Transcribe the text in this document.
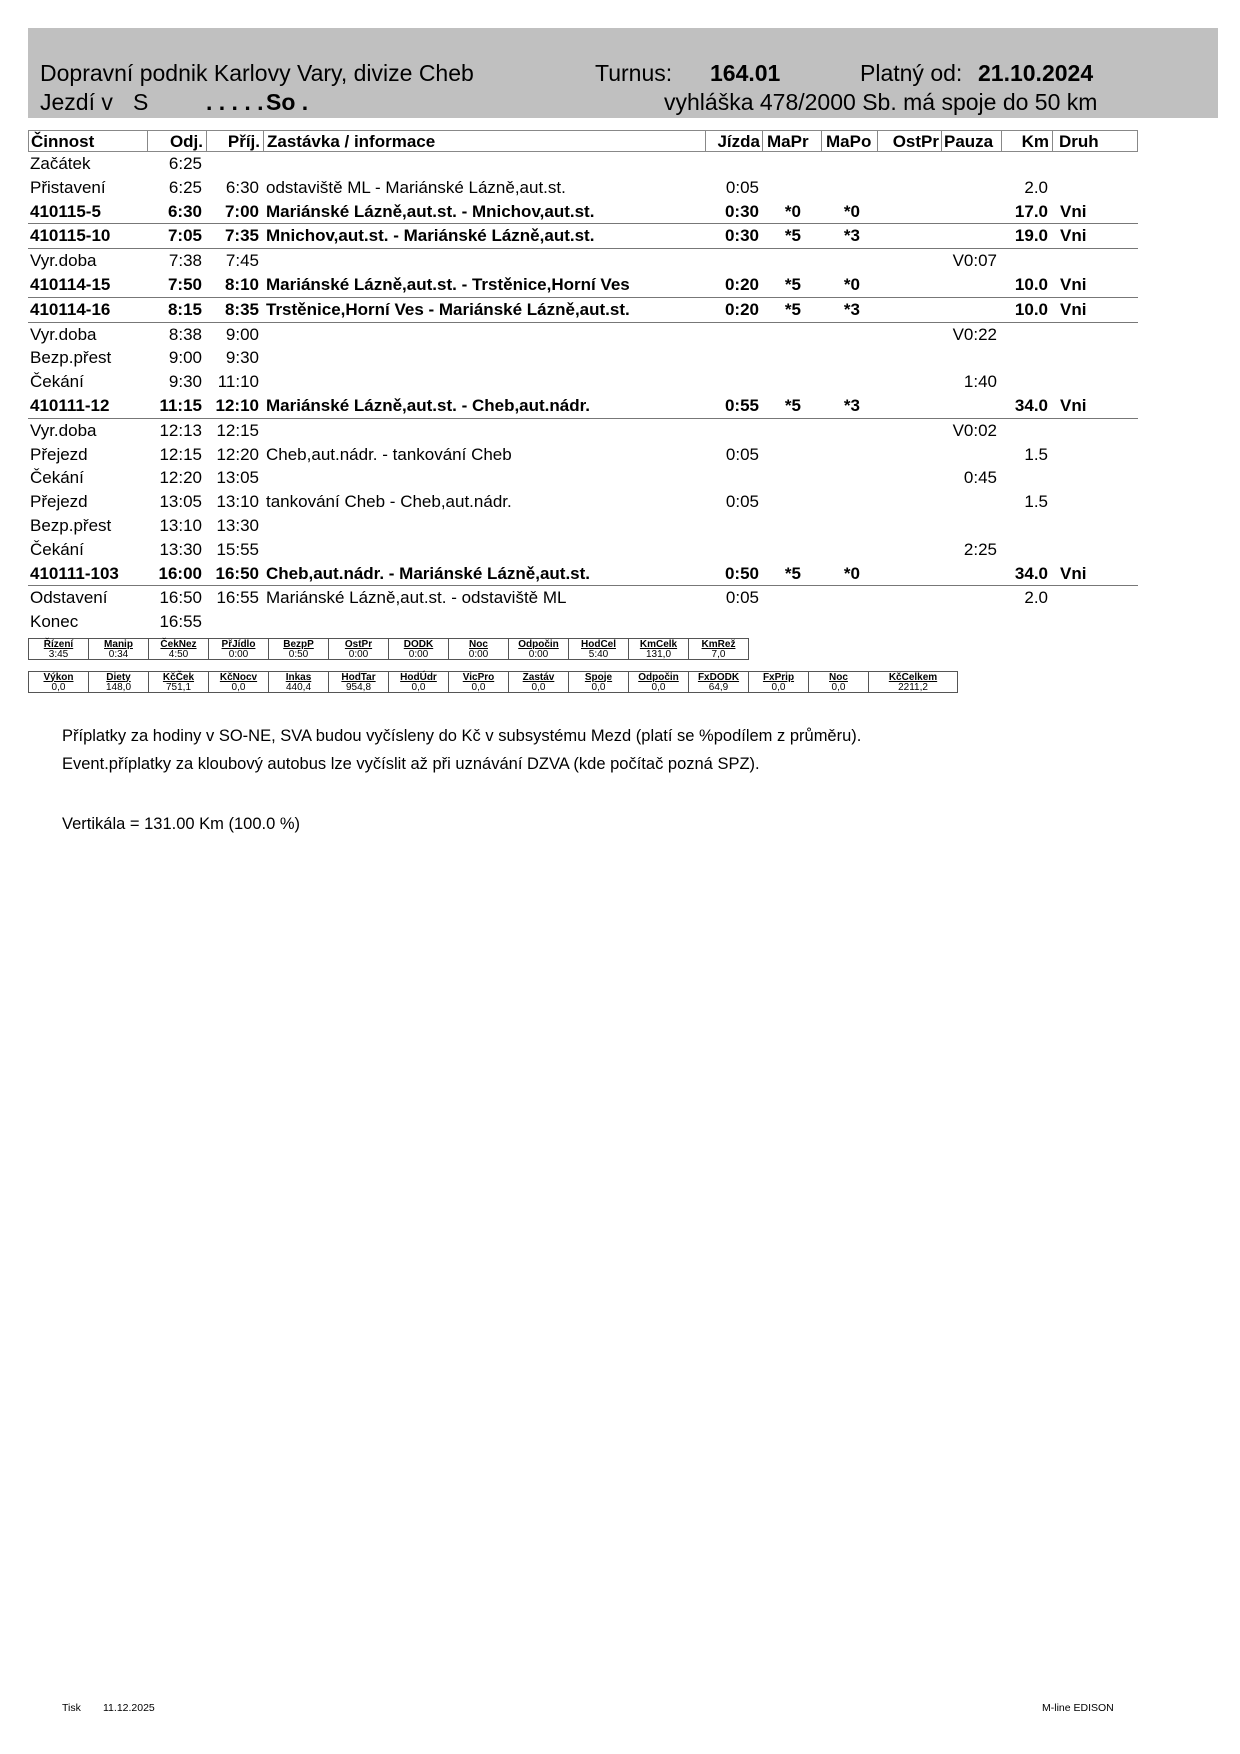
Dopravní podnik Karlovy Vary, divize Cheb	Turnus: 164.01	Platný od: 21.10.2024
Jezdí v S	. . . . . So .	vyhláška 478/2000 Sb. má spoje do 50 km
Činnost	Odj.	Příj. Zastávka / informace	Jízda MaPr MaPo	OstPr Pauza	Km Druh
Začátek	6:25
Přistavení	6:25	6:30 odstaviště ML - Mariánské Lázně,aut.st.	0:05	2.0
410115-5	6:30	7:00 Mariánské Lázně,aut.st. - Mnichov,aut.st.	0:30	*0	*0	17.0 Vni
410115-10	7:05	7:35 Mnichov,aut.st. - Mariánské Lázně,aut.st.	0:30	*5	*3	19.0 Vni
Vyr.doba	7:38	7:45	V0:07
410114-15	7:50	8:10 Mariánské Lázně,aut.st. - Trstěnice,Horní Ves	0:20	*5	*0	10.0 Vni
410114-16	8:15	8:35 Trstěnice,Horní Ves - Mariánské Lázně,aut.st.	0:20	*5	*3	10.0 Vni
Vyr.doba	8:38	9:00	V0:22
Bezp.přest	9:00	9:30
Čekání	9:30 11:10	1:40
410111-12	11:15 12:10 Mariánské Lázně,aut.st. - Cheb,aut.nádr.	0:55	*5	*3	34.0 Vni
Vyr.doba	12:13 12:15	V0:02
Přejezd	12:15 12:20 Cheb,aut.nádr. - tankování Cheb	0:05	1.5
Čekání	12:20 13:05	0:45
Přejezd	13:05 13:10 tankování Cheb - Cheb,aut.nádr.	0:05	1.5
Bezp.přest	13:10 13:30
Čekání	13:30 15:55	2:25
410111-103	16:00 16:50 Cheb,aut.nádr. - Mariánské Lázně,aut.st.	0:50	*5	*0	34.0 Vni
Odstavení	16:50 16:55 Mariánské Lázně,aut.st. - odstaviště ML	0:05	2.0
Konec	16:55
Řízení	Manip	ČekNez	PřJídlo	BezpP	OstPr	DODK	Noc	Odpočin	HodCel	KmCelk	KmRež
3:45	0:34	4:50	0:00	0:50	0:00	0:00	0:00	0:00	5:40	131,0	7,0
Výkon	Diety	KčČek	KčNocv	Inkas	HodTar	HodÚdr	VicPro	Zastáv	Spoje	Odpočin	FxDODK	FxPrip	Noc	KčCelkem
0,0	148,0	751,1	0,0	440,4	954,8	0,0	0,0	0,0	0,0	0,0	64,9	0,0	0,0	2211,2
Příplatky za hodiny v SO-NE, SVA budou vyčísleny do Kč v subsystému Mezd (platí se %podílem z průměru).
Event.příplatky za kloubový autobus lze vyčíslit až při uznávání DZVA (kde počítač pozná SPZ).
Vertikála = 131.00 Km (100.0 %)
Tisk 11.12.2025	M-line EDISON
